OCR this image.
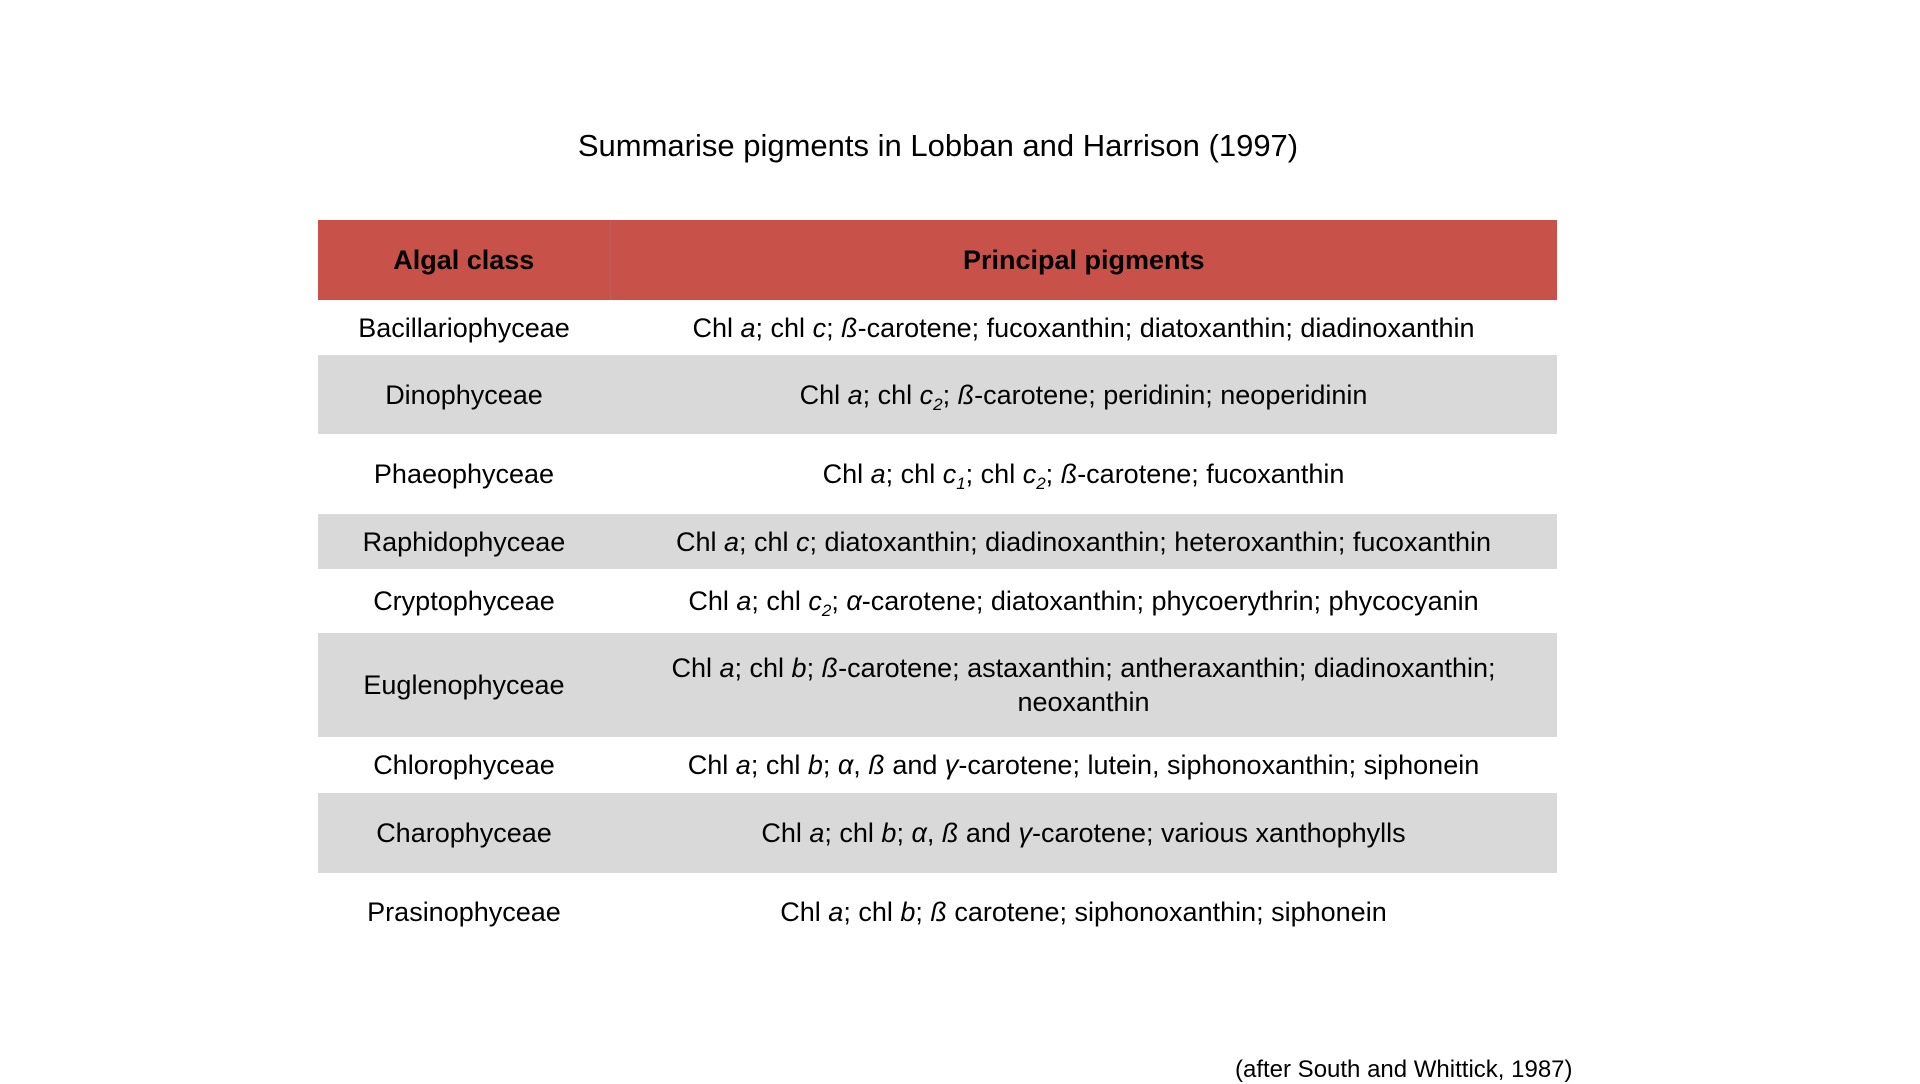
Summarise pigments in Lobban and Harrison (1997)
Algal class	Principal pigments
Bacillariophyceae	Chl a; chl c; ß-carotene; fucoxanthin; diatoxanthin; diadinoxanthin
Dinophyceae	Chl a; chl $c_2$; ß-carotene; peridinin; neoperidinin
Phaeophyceae	Chl a; chl $c_1$; chl $c_2$; ß-carotene; fucoxanthin
Raphidophyceae	Chl a; chl c; diatoxanthin; diadinoxanthin; heteroxanthin; fucoxanthin
Cryptophyceae	Chl a; chl $c_2$; α-carotene; diatoxanthin; phycoerythrin; phycocyanin
Euglenophyceae	Chl a; chl b; ß-carotene; astaxanthin; antheraxanthin; diadinoxanthin;
neoxanthin
Chlorophyceae	Chl a; chl b; α, ß and γ-carotene; lutein, siphonoxanthin; siphonein
Charophyceae	Chl a; chl b; α, ß and γ-carotene; various xanthophylls
Prasinophyceae	Chl a; chl b; ß carotene; siphonoxanthin; siphonein
(after South and Whittick, 1987)
